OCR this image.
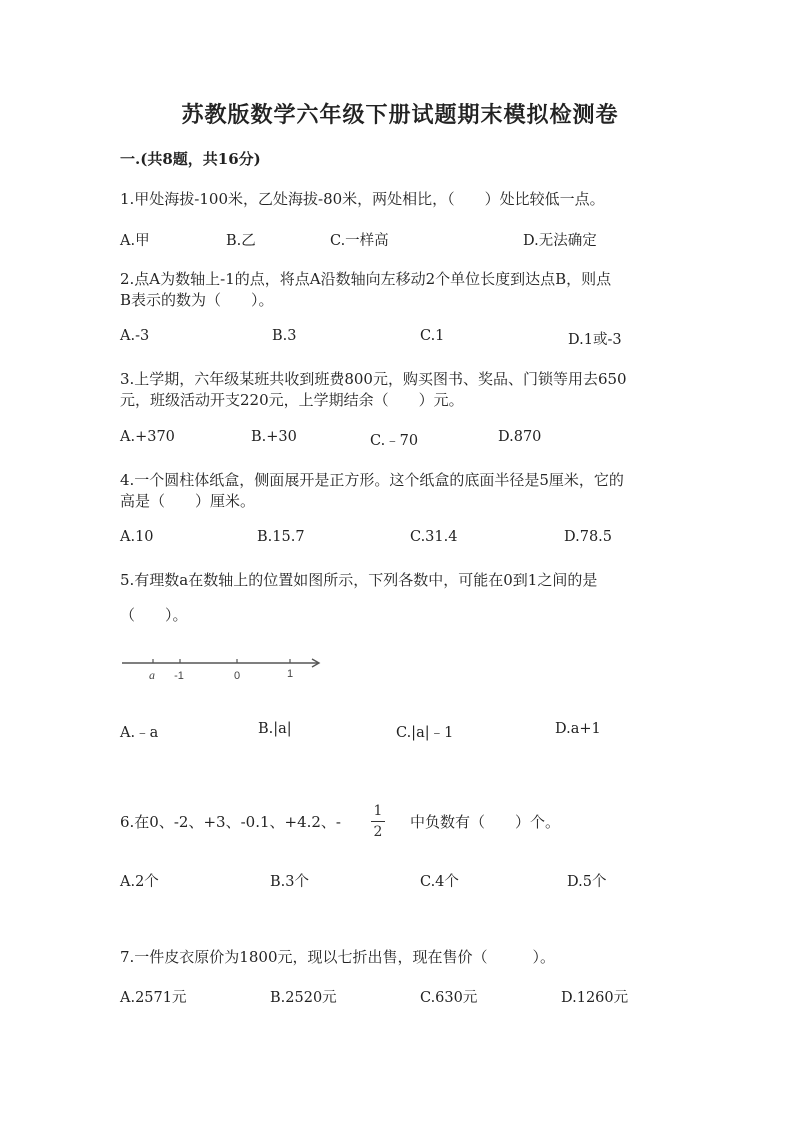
苏教版数学六年级下册试题期末模拟检测卷
一.(共8题，共16分)
1.甲处海拔-100米，乙处海拔-80米，两处相比，（　　）处比较低一点。
A.甲	B.乙	C.一样高	D.无法确定
2.点A为数轴上-1的点，将点A沿数轴向左移动2个单位长度到达点B，则点
B表示的数为（　　）。
A.-3	B.3	C.1	D.1或-3
3.上学期，六年级某班共收到班费800元，购买图书、奖品、门锁等用去650
元，班级活动开支220元，上学期结余（　　）元。
A.+370	B.+30	C.﹣70	D.870
4.一个圆柱体纸盒，侧面展开是正方形。这个纸盒的底面半径是5厘米，它的
高是（　　）厘米。
A.10	B.15.7	C.31.4	D.78.5
5.有理数a在数轴上的位置如图所示，下列各数中，可能在0到1之间的是
（　　）。
a -1	0	1
A.﹣a	B.|a|	C.|a|﹣1	D.a+1
6.在0、-2、+3、-0.1、+4.2、-
1
2
中负数有（　　）个。
A.2个	B.3个	C.4个	D.5个
7.一件皮衣原价为1800元，现以七折出售，现在售价（　　　）。
A.2571元	B.2520元	C.630元	D.1260元
